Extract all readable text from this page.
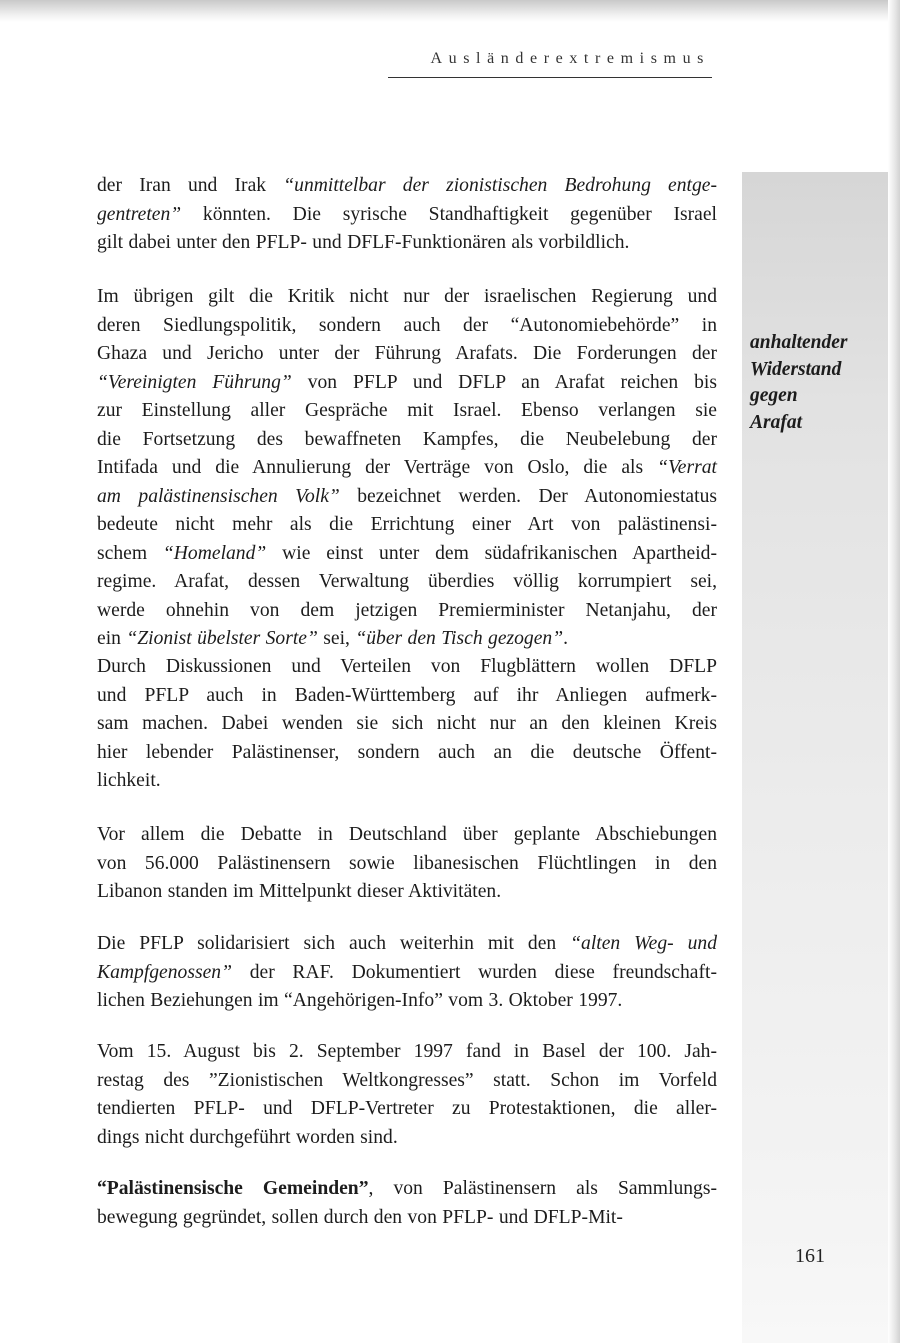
Ausländerextremismus
der Iran und Irak “unmittelbar der zionistischen Bedrohung entge-
gentreten” könnten. Die syrische Standhaftigkeit gegenüber Israel
gilt dabei unter den PFLP- und DFLF-Funktionären als vorbildlich.
Im übrigen gilt die Kritik nicht nur der israelischen Regierung und
deren Siedlungspolitik, sondern auch der “Autonomiebehörde” in
Ghaza und Jericho unter der Führung Arafats. Die Forderungen der
“Vereinigten Führung” von PFLP und DFLP an Arafat reichen bis
zur Einstellung aller Gespräche mit Israel. Ebenso verlangen sie
die Fortsetzung des bewaffneten Kampfes, die Neubelebung der
Intifada und die Annulierung der Verträge von Oslo, die als “Verrat
am palästinensischen Volk” bezeichnet werden. Der Autonomiestatus
bedeute nicht mehr als die Errichtung einer Art von palästinensi-
schem “Homeland” wie einst unter dem südafrikanischen Apartheid-
regime. Arafat, dessen Verwaltung überdies völlig korrumpiert sei,
werde ohnehin von dem jetzigen Premierminister Netanjahu, der
ein “Zionist übelster Sorte” sei, “über den Tisch gezogen”.
Durch Diskussionen und Verteilen von Flugblättern wollen DFLP
und PFLP auch in Baden-Württemberg auf ihr Anliegen aufmerk-
sam machen. Dabei wenden sie sich nicht nur an den kleinen Kreis
hier lebender Palästinenser, sondern auch an die deutsche Öffent-
lichkeit.
Vor allem die Debatte in Deutschland über geplante Abschiebungen
von 56.000 Palästinensern sowie libanesischen Flüchtlingen in den
Libanon standen im Mittelpunkt dieser Aktivitäten.
Die PFLP solidarisiert sich auch weiterhin mit den “alten Weg- und
Kampfgenossen” der RAF. Dokumentiert wurden diese freundschaft-
lichen Beziehungen im “Angehörigen-Info” vom 3. Oktober 1997.
Vom 15. August bis 2. September 1997 fand in Basel der 100. Jah-
restag des ”Zionistischen Weltkongresses” statt. Schon im Vorfeld
tendierten PFLP- und DFLP-Vertreter zu Protestaktionen, die aller-
dings nicht durchgeführt worden sind.
“Palästinensische Gemeinden”, von Palästinensern als Sammlungs-
bewegung gegründet, sollen durch den von PFLP- und DFLP-Mit-
anhaltender
Widerstand
gegen
Arafat
161
